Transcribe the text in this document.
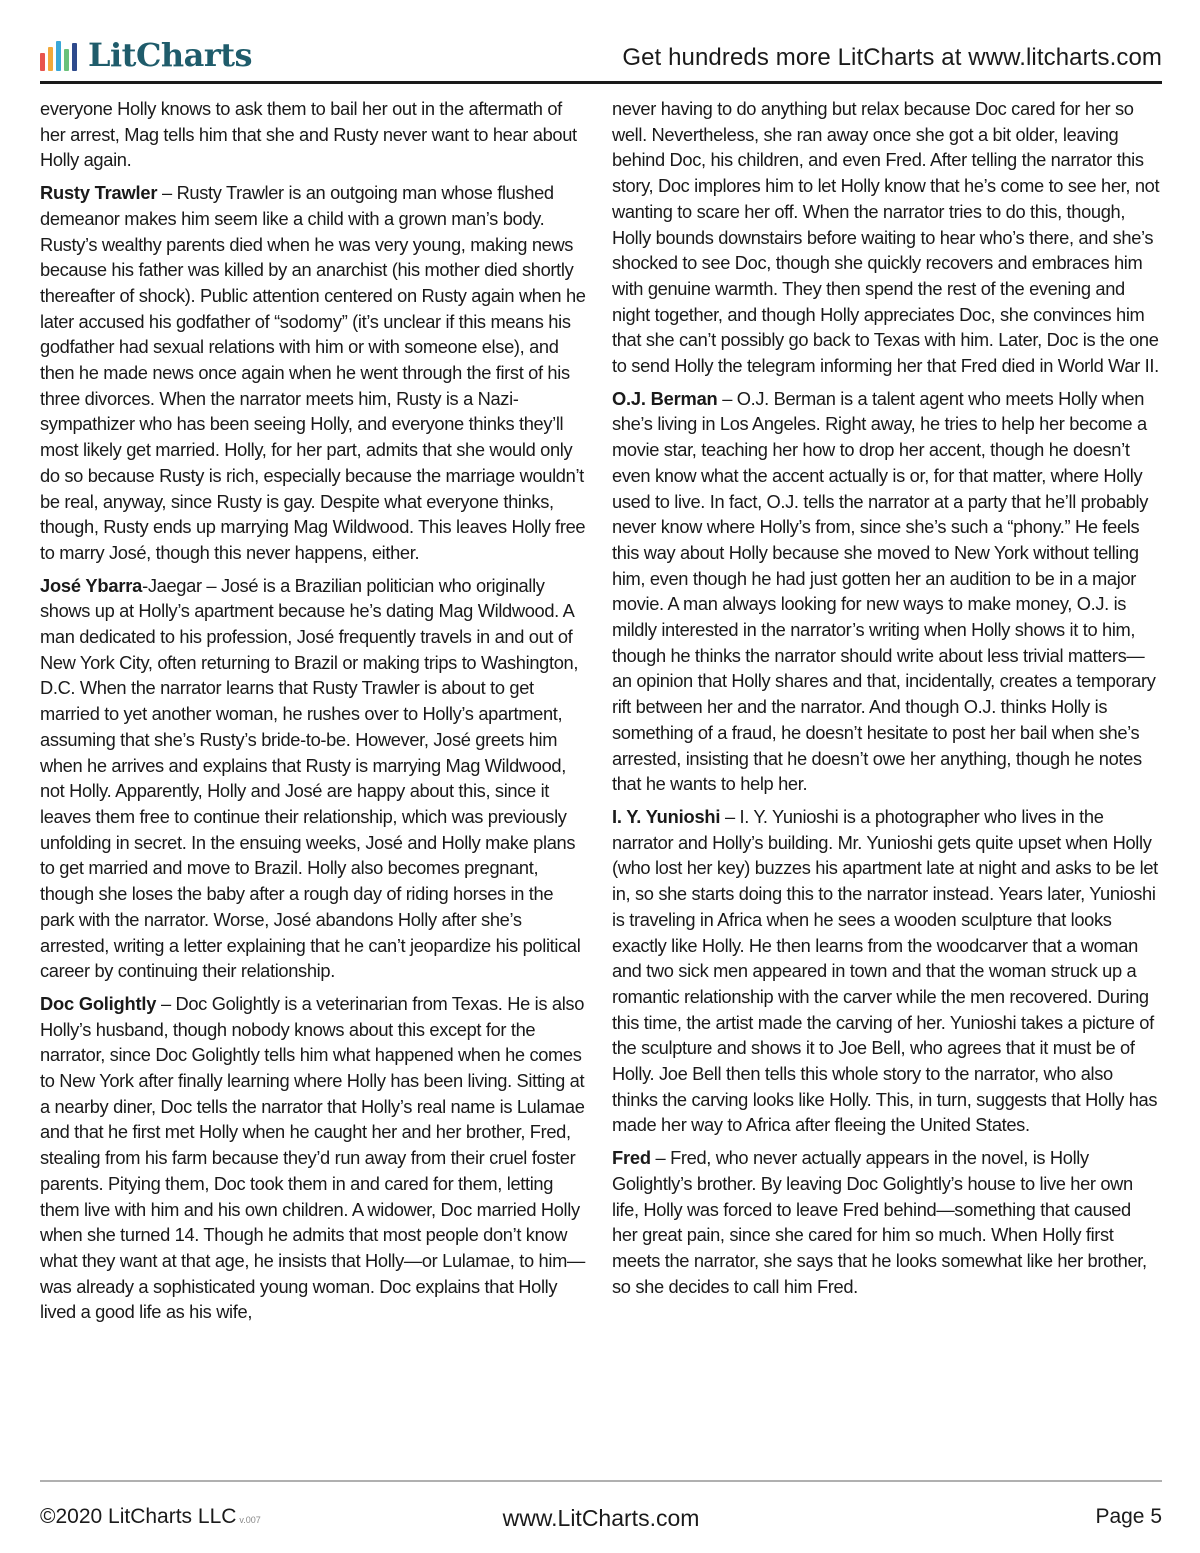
LitCharts	Get hundreds more LitCharts at www.litcharts.com

everyone Holly knows to ask them to bail her out in the aftermath of her arrest, Mag tells him that she and Rusty never want to hear about Holly again.

Rusty Trawler – Rusty Trawler is an outgoing man whose flushed demeanor makes him seem like a child with a grown man’s body. Rusty’s wealthy parents died when he was very young, making news because his father was killed by an anarchist (his mother died shortly thereafter of shock). Public attention centered on Rusty again when he later accused his godfather of “sodomy” (it’s unclear if this means his godfather had sexual relations with him or with someone else), and then he made news once again when he went through the first of his three divorces. When the narrator meets him, Rusty is a Nazi-sympathizer who has been seeing Holly, and everyone thinks they’ll most likely get married. Holly, for her part, admits that she would only do so because Rusty is rich, especially because the marriage wouldn’t be real, anyway, since Rusty is gay. Despite what everyone thinks, though, Rusty ends up marrying Mag Wildwood. This leaves Holly free to marry José, though this never happens, either.

José Ybarra-Jaegar – José is a Brazilian politician who originally shows up at Holly’s apartment because he’s dating Mag Wildwood. A man dedicated to his profession, José frequently travels in and out of New York City, often returning to Brazil or making trips to Washington, D.C. When the narrator learns that Rusty Trawler is about to get married to yet another woman, he rushes over to Holly’s apartment, assuming that she’s Rusty’s bride-to-be. However, José greets him when he arrives and explains that Rusty is marrying Mag Wildwood, not Holly. Apparently, Holly and José are happy about this, since it leaves them free to continue their relationship, which was previously unfolding in secret. In the ensuing weeks, José and Holly make plans to get married and move to Brazil. Holly also becomes pregnant, though she loses the baby after a rough day of riding horses in the park with the narrator. Worse, José abandons Holly after she’s arrested, writing a letter explaining that he can’t jeopardize his political career by continuing their relationship.

Doc Golightly – Doc Golightly is a veterinarian from Texas. He is also Holly’s husband, though nobody knows about this except for the narrator, since Doc Golightly tells him what happened when he comes to New York after finally learning where Holly has been living. Sitting at a nearby diner, Doc tells the narrator that Holly’s real name is Lulamae and that he first met Holly when he caught her and her brother, Fred, stealing from his farm because they’d run away from their cruel foster parents. Pitying them, Doc took them in and cared for them, letting them live with him and his own children. A widower, Doc married Holly when she turned 14. Though he admits that most people don’t know what they want at that age, he insists that Holly—or Lulamae, to him—was already a sophisticated young woman. Doc explains that Holly lived a good life as his wife,

never having to do anything but relax because Doc cared for her so well. Nevertheless, she ran away once she got a bit older, leaving behind Doc, his children, and even Fred. After telling the narrator this story, Doc implores him to let Holly know that he’s come to see her, not wanting to scare her off. When the narrator tries to do this, though, Holly bounds downstairs before waiting to hear who’s there, and she’s shocked to see Doc, though she quickly recovers and embraces him with genuine warmth. They then spend the rest of the evening and night together, and though Holly appreciates Doc, she convinces him that she can’t possibly go back to Texas with him. Later, Doc is the one to send Holly the telegram informing her that Fred died in World War II.

O.J. Berman – O.J. Berman is a talent agent who meets Holly when she’s living in Los Angeles. Right away, he tries to help her become a movie star, teaching her how to drop her accent, though he doesn’t even know what the accent actually is or, for that matter, where Holly used to live. In fact, O.J. tells the narrator at a party that he’ll probably never know where Holly’s from, since she’s such a “phony.” He feels this way about Holly because she moved to New York without telling him, even though he had just gotten her an audition to be in a major movie. A man always looking for new ways to make money, O.J. is mildly interested in the narrator’s writing when Holly shows it to him, though he thinks the narrator should write about less trivial matters—an opinion that Holly shares and that, incidentally, creates a temporary rift between her and the narrator. And though O.J. thinks Holly is something of a fraud, he doesn’t hesitate to post her bail when she’s arrested, insisting that he doesn’t owe her anything, though he notes that he wants to help her.

I. Y. Yunioshi – I. Y. Yunioshi is a photographer who lives in the narrator and Holly’s building. Mr. Yunioshi gets quite upset when Holly (who lost her key) buzzes his apartment late at night and asks to be let in, so she starts doing this to the narrator instead. Years later, Yunioshi is traveling in Africa when he sees a wooden sculpture that looks exactly like Holly. He then learns from the woodcarver that a woman and two sick men appeared in town and that the woman struck up a romantic relationship with the carver while the men recovered. During this time, the artist made the carving of her. Yunioshi takes a picture of the sculpture and shows it to Joe Bell, who agrees that it must be of Holly. Joe Bell then tells this whole story to the narrator, who also thinks the carving looks like Holly. This, in turn, suggests that Holly has made her way to Africa after fleeing the United States.

Fred – Fred, who never actually appears in the novel, is Holly Golightly’s brother. By leaving Doc Golightly’s house to live her own life, Holly was forced to leave Fred behind—something that caused her great pain, since she cared for him so much. When Holly first meets the narrator, she says that he looks somewhat like her brother, so she decides to call him Fred.

www.LitCharts.com
©2020 LitCharts LLC v.007	Page 5
